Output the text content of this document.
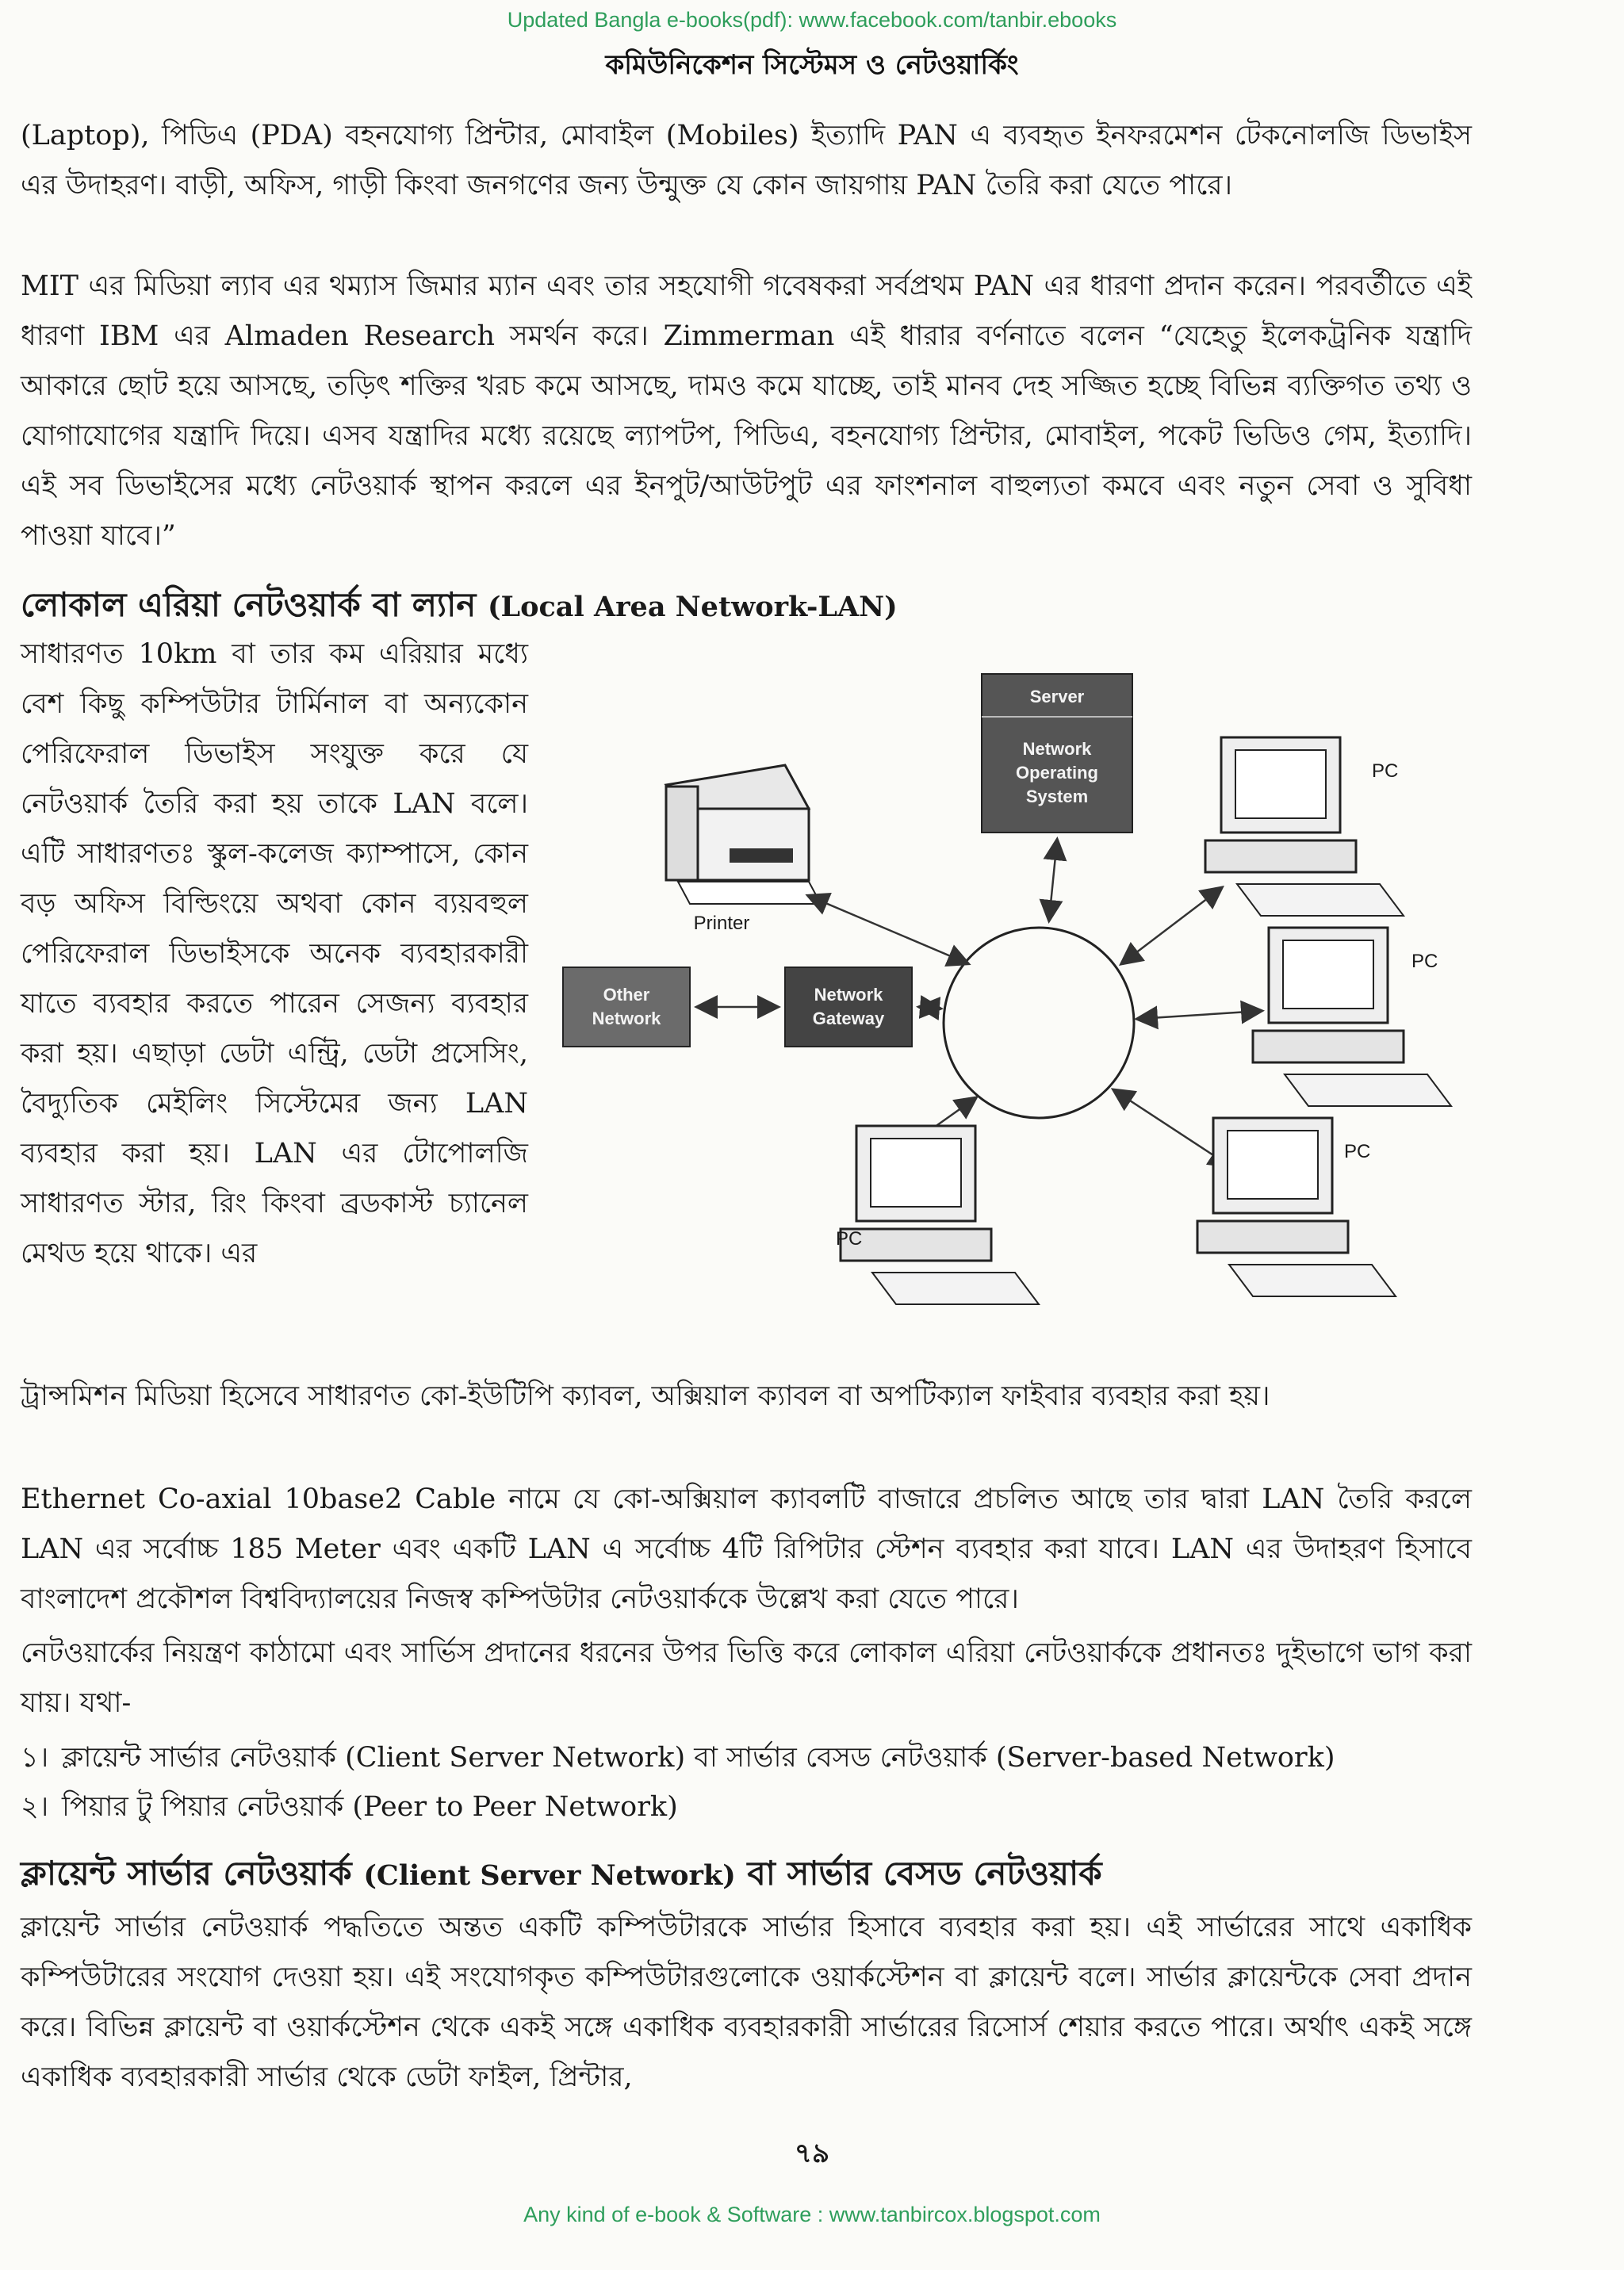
Updated Bangla e-books(pdf): www.facebook.com/tanbir.ebooks
কমিউনিকেশন সিস্টেমস ও নেটওয়ার্কিং

(Laptop), পিডিএ (PDA) বহনযোগ্য প্রিন্টার, মোবাইল (Mobiles) ইত্যাদি PAN এ ব্যবহৃত ইনফরমেশন টেকনোলজি ডিভাইস এর উদাহরণ। বাড়ী, অফিস, গাড়ী কিংবা জনগণের জন্য উন্মুক্ত যে কোন জায়গায় PAN তৈরি করা যেতে পারে।

MIT এর মিডিয়া ল্যাব এর থম্যাস জিমার ম্যান এবং তার সহযোগী গবেষকরা সর্বপ্রথম PAN এর ধারণা প্রদান করেন। পরবর্তীতে এই ধারণা IBM এর Almaden Research সমর্থন করে। Zimmerman এই ধারার বর্ণনাতে বলেন “যেহেতু ইলেকট্রনিক যন্ত্রাদি আকারে ছোট হয়ে আসছে, তড়িৎ শক্তির খরচ কমে আসছে, দামও কমে যাচ্ছে, তাই মানব দেহ সজ্জিত হচ্ছে বিভিন্ন ব্যক্তিগত তথ্য ও যোগাযোগের যন্ত্রাদি দিয়ে। এসব যন্ত্রাদির মধ্যে রয়েছে ল্যাপটপ, পিডিএ, বহনযোগ্য প্রিন্টার, মোবাইল, পকেট ভিডিও গেম, ইত্যাদি। এই সব ডিভাইসের মধ্যে নেটওয়ার্ক স্থাপন করলে এর ইনপুট/আউটপুট এর ফাংশনাল বাহুল্যতা কমবে এবং নতুন সেবা ও সুবিধা পাওয়া যাবে।”

লোকাল এরিয়া নেটওয়ার্ক বা ল্যান (Local Area Network-LAN)

সাধারণত 10km বা তার কম এরিয়ার মধ্যে বেশ কিছু কম্পিউটার টার্মিনাল বা অন্যকোন পেরিফেরাল ডিভাইস সংযুক্ত করে যে নেটওয়ার্ক তৈরি করা হয় তাকে LAN বলে। এটি সাধারণতঃ স্কুল-কলেজ ক্যাম্পাসে, কোন বড় অফিস বিল্ডিংয়ে অথবা কোন ব্যয়বহুল পেরিফেরাল ডিভাইসকে অনেক ব্যবহারকারী যাতে ব্যবহার করতে পারেন সেজন্য ব্যবহার করা হয়। এছাড়া ডেটা এন্ট্রি, ডেটা প্রসেসিং, বৈদ্যুতিক মেইলিং সিস্টেমের জন্য LAN ব্যবহার করা হয়। LAN এর টোপোলজি সাধারণত স্টার, রিং কিংবা ব্রডকাস্ট চ্যানেল মেথড হয়ে থাকে। এর

Server
Network
Operating
System
Printer
Other
Network
Network
Gateway
PC
PC
PC
PC

ট্রান্সমিশন মিডিয়া হিসেবে সাধারণত কো-ইউটিপি ক্যাবল, অক্সিয়াল ক্যাবল বা অপটিক্যাল ফাইবার ব্যবহার করা হয়।

Ethernet Co-axial 10base2 Cable নামে যে কো-অক্সিয়াল ক্যাবলটি বাজারে প্রচলিত আছে তার দ্বারা LAN তৈরি করলে LAN এর সর্বোচ্চ 185 Meter এবং একটি LAN এ সর্বোচ্চ 4টি রিপিটার স্টেশন ব্যবহার করা যাবে। LAN এর উদাহরণ হিসাবে বাংলাদেশ প্রকৌশল বিশ্ববিদ্যালয়ের নিজস্ব কম্পিউটার নেটওয়ার্ককে উল্লেখ করা যেতে পারে।

নেটওয়ার্কের নিয়ন্ত্রণ কাঠামো এবং সার্ভিস প্রদানের ধরনের উপর ভিত্তি করে লোকাল এরিয়া নেটওয়ার্ককে প্রধানতঃ দুইভাগে ভাগ করা যায়। যথা-

১। ক্লায়েন্ট সার্ভার নেটওয়ার্ক (Client Server Network) বা সার্ভার বেসড নেটওয়ার্ক (Server-based Network)

২। পিয়ার টু পিয়ার নেটওয়ার্ক (Peer to Peer Network)

ক্লায়েন্ট সার্ভার নেটওয়ার্ক (Client Server Network) বা সার্ভার বেসড নেটওয়ার্ক

ক্লায়েন্ট সার্ভার নেটওয়ার্ক পদ্ধতিতে অন্তত একটি কম্পিউটারকে সার্ভার হিসাবে ব্যবহার করা হয়। এই সার্ভারের সাথে একাধিক কম্পিউটারের সংযোগ দেওয়া হয়। এই সংযোগকৃত কম্পিউটারগুলোকে ওয়ার্কস্টেশন বা ক্লায়েন্ট বলে। সার্ভার ক্লায়েন্টকে সেবা প্রদান করে। বিভিন্ন ক্লায়েন্ট বা ওয়ার্কস্টেশন থেকে একই সঙ্গে একাধিক ব্যবহারকারী সার্ভারের রিসোর্স শেয়ার করতে পারে। অর্থাৎ একই সঙ্গে একাধিক ব্যবহারকারী সার্ভার থেকে ডেটা ফাইল, প্রিন্টার,

৭৯
Any kind of e-book & Software : www.tanbircox.blogspot.com
